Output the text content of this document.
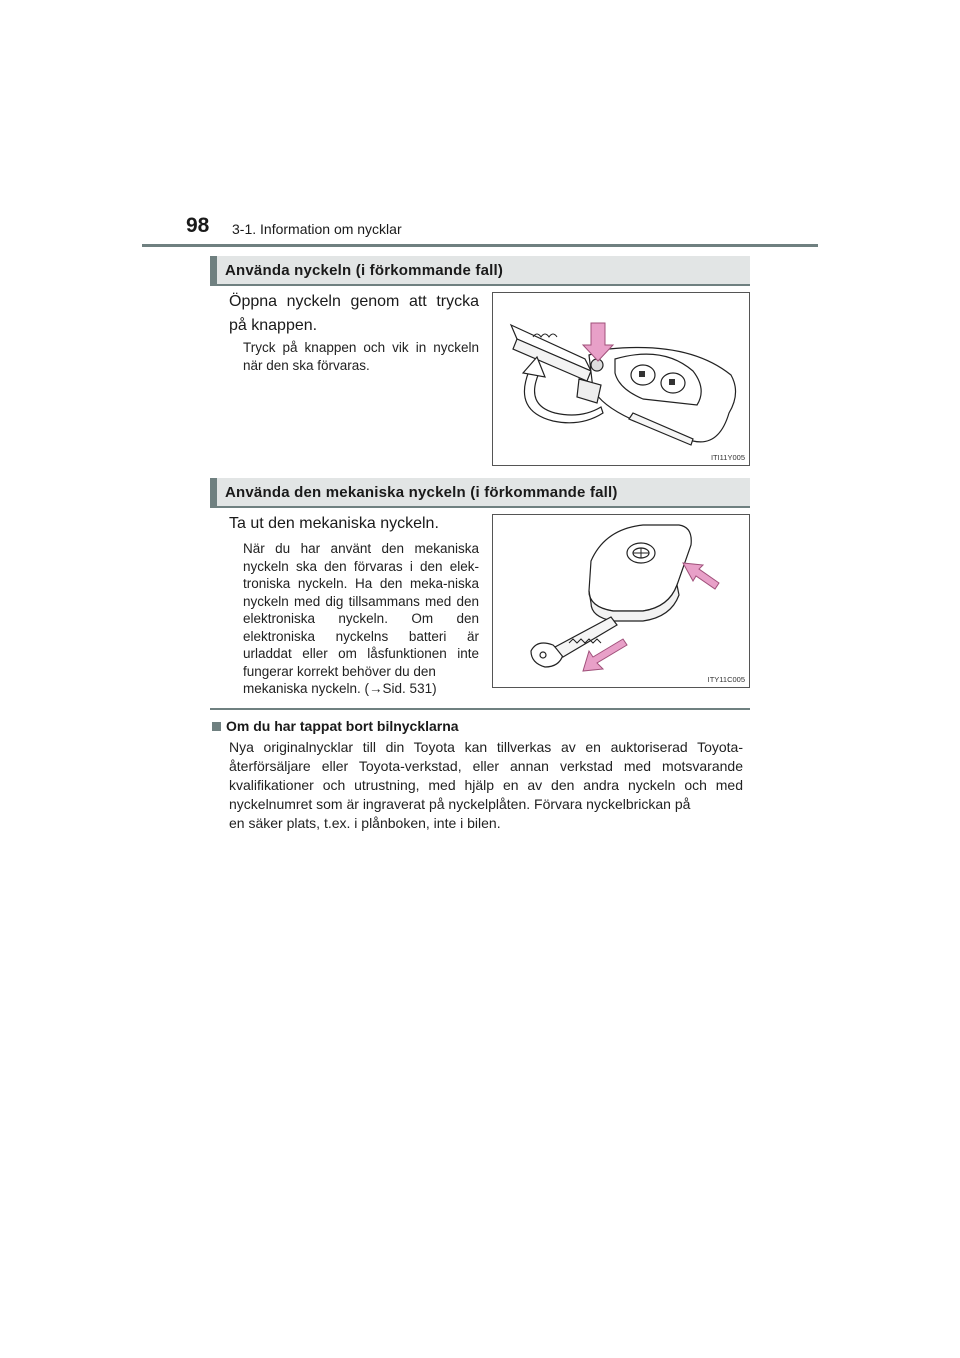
98 3-1. Information om nycklar
Använda nyckeln (i förkommande fall)
Öppna nyckeln genom att trycka på knappen.
Tryck på knappen och vik in nyckeln när den ska förvaras.
ITI11Y005
Använda den mekaniska nyckeln (i förkommande fall)
Ta ut den mekaniska nyckeln.
När du har använt den mekaniska nyckeln ska den förvaras i den elek-troniska nyckeln. Ha den meka-niska nyckeln med dig tillsammans med den elektroniska nyckeln. Om den elektroniska nyckelns batteri är urladdat eller om låsfunktionen inte fungerar korrekt behöver du den
mekaniska nyckeln. (→Sid. 531)
ITY11C005
Om du har tappat bort bilnycklarna
Nya originalnycklar till din Toyota kan tillverkas av en auktoriserad Toyota-återförsäljare eller Toyota-verkstad, eller annan verkstad med motsvarande kvalifikationer och utrustning, med hjälp en av den andra nyckeln och med nyckelnumret som är ingraverat på nyckelplåten. Förvara nyckelbrickan på
en säker plats, t.ex. i plånboken, inte i bilen.
